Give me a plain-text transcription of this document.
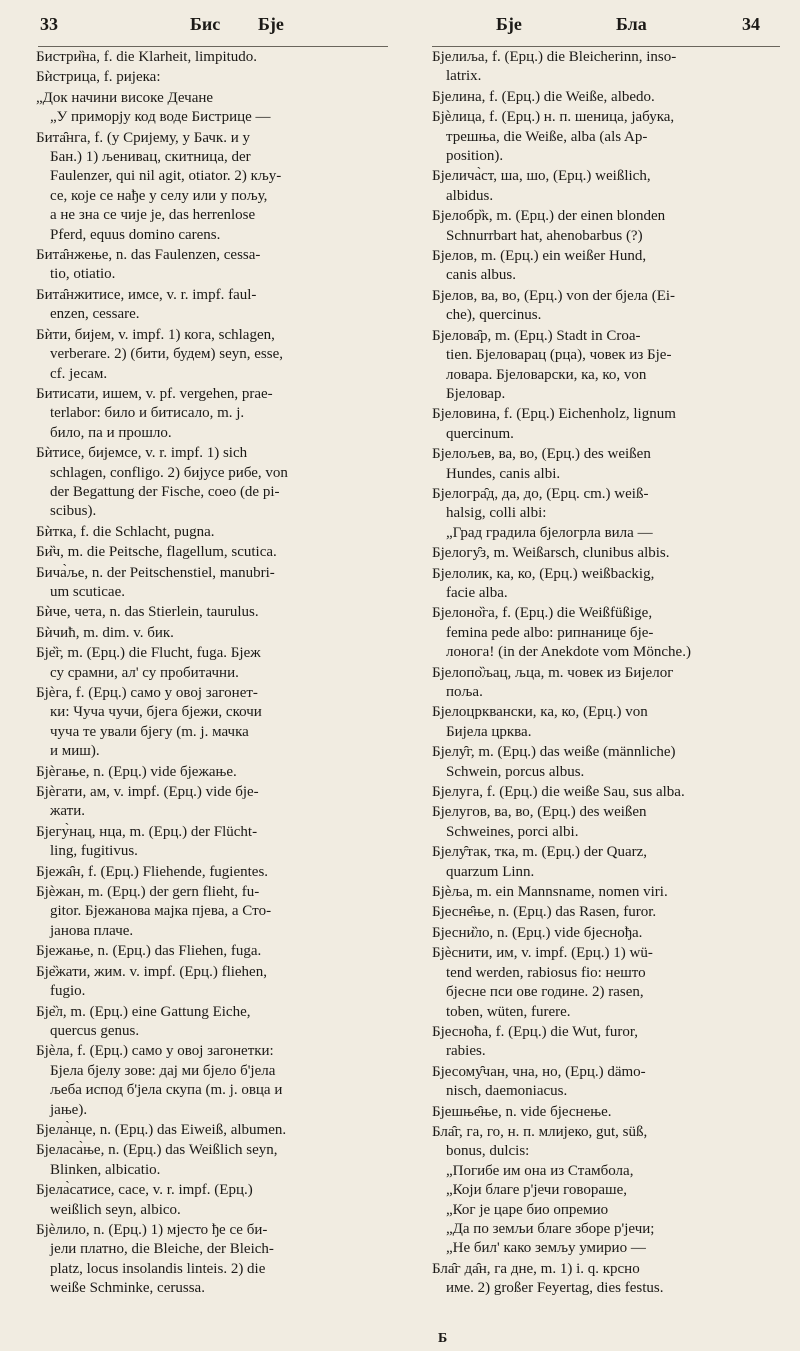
33	Бис Бје	Бје	Бла	34
Бистри̏на, f. die Klarheit, limpitudo.
Бѝстрица, f. ријека:
„Док начини високе Дечане
„У приморју код воде Бистрице —
Бита̑нга, f. (у Сријему, у Бачк. и у
Бан.) 1) љенивац, скитница, der
Faulenzer, qui nil agit, otiator. 2) кљу-
се, које се нађе у селу или у пољу,
а не зна се чије је, das herrenlose
Pferd, equus domino carens.
Бита̑нжење, n. das Faulenzen, cessa-
tio, otiatio.
Бита̑нжитисе, имсе, v. r. impf. faul-
enzen, cessare.
Бѝти, бијем, v. impf. 1) кога, schlagen,
verberare. 2) (бити, будем) seyn, esse,
cf. јесам.
Битисати, ишем, v. pf. vergehen, prae-
terlabor: било и битисало, m. j.
било, па и прошло.
Бѝтисе, бијемсе, v. r. impf. 1) sich
schlagen, confligo. 2) бијусе рибе, von
der Begattung der Fische, coeo (de pi-
scibus).
Бѝтка, f. die Schlacht, pugna.
Би̏ч, m. die Peitsche, flagellum, scutica.
Бича̀ље, n. der Peitschenstiel, manubri-
um scuticae.
Бѝче, чета, n. das Stierlein, taurulus.
Бѝчић, m. dim. v. бик.
Бје̏г, m. (Ерц.) die Flucht, fuga. Бјеж
су срамни, ал' су пробитачни.
Бјѐга, f. (Ерц.) само у овој загонет-
ки: Чуча чучи, бјега бјежи, скочи
чуча те ували бјегу (m. j. мачка
и миш).
Бјѐгање, n. (Ерц.) vide бјежање.
Бјѐгати, ам, v. impf. (Ерц.) vide бје-
жати.
Бјегу̀нац, нца, m. (Ерц.) der Flücht-
ling, fugitivus.
Бјежа̑н, f. (Ерц.) Fliehende, fugientes.
Бјѐжан, m. (Ерц.) der gern flieht, fu-
gitor. Бјежанова мајка пјева, а Стo-
јанова плаче.
Бјежање, n. (Ерц.) das Fliehen, fuga.
Бје̏жати, жим. v. impf. (Ерц.) fliehen,
fugio.
Бје̏л, m. (Ерц.) eine Gattung Eiche,
quercus genus.
Бјѐла, f. (Ерц.) само у овој загонетки:
Бјела бјелу зове: дај ми бјело б'јела
љеба испод б'јела скупа (m. j. овца и
јање).
Бјела̀нце, n. (Ерц.) das Eiweiß, albumen.
Бјеласа̀ње, n. (Ерц.) das Weißlich seyn,
Blinken, albicatio.
Бјела̀сатисе, сасе, v. r. impf. (Ерц.)
weißlich seyn, albico.
Бјѐлило, n. (Ерц.) 1) мјесто ђе се би-
јели платно, die Bleiche, der Bleich-
platz, locus insolandis linteis. 2) die
weiße Schminke, cerussa.
Бјелиља, f. (Ерц.) die Bleicherinn, inso-
latrix.
Бјелина, f. (Ерц.) die Weiße, albedo.
Бјѐлица, f. (Ерц.) н. п. шеница, јабука,
трешња, die Weiße, alba (als Ap-
position).
Бјелича̀ст, ша, шо, (Ерц.) weißlich,
albidus.
Бјелобр̏к, m. (Ерц.) der einen blonden
Schnurrbart hat, ahenobarbus (?)
Бјелов, m. (Ерц.) ein weißer Hund,
canis albus.
Бјелов, ва, во, (Ерц.) von der бјела (Ei-
che), quercinus.
Бјелова̑р, m. (Ерц.) Stadt in Croa-
tien. Бјеловарац (рца), човек из Бје-
ловара. Бјеловарски, ка, ко, von
Бјеловар.
Бјеловина, f. (Ерц.) Eichenholz, lignum
quercinum.
Бјелољев, ва, во, (Ерц.) des weißen
Hundes, canis albi.
Бјелогра̑д, да, до, (Ерц. сm.) weiß-
halsig, colli albi:
„Град градила бјелогрла вила —
Бјелогу̑з, m. Weißarsch, clunibus albis.
Бјелолик, ка, ко, (Ерц.) weißbackig,
facie alba.
Бјелоно̏га, f. (Ерц.) die Weißfüßige,
femina pede albo: рипнанице бје-
лонога! (in der Anekdote vom Mönche.)
Бјелопо̏љац, љца, m. човек из Бијелог
поља.
Бјелоцрквански, ка, ко, (Ерц.) von
Бијела црква.
Бјелу̑г, m. (Ерц.) das weiße (männliche)
Schwein, porcus albus.
Бјелуга, f. (Ерц.) die weiße Sau, sus alba.
Бјелугов, ва, во, (Ерц.) des weißen
Schweines, porci albi.
Бјелу̑так, тка, m. (Ерц.) der Quarz,
quarzum Linn.
Бјѐља, m. ein Mannsname, nomen viri.
Бјесне̑ње, n. (Ерц.) das Rasen, furor.
Бјесни̏ло, n. (Ерц.) vide бјеснођа.
Бјѐснити, им, v. impf. (Ерц.) 1) wü-
tend werden, rabiosus fio: нешто
бјесне пси ове године. 2) rasen,
toben, wüten, furere.
Бјесноћа, f. (Ерц.) die Wut, furor,
rabies.
Бјесому̑чан, чна, но, (Ерц.) dämo-
nisch, daemoniacus.
Бјешње̑ње, n. vide бјеснење.
Бла̑г, га, го, н. п. млијеко, gut, süß,
bonus, dulcis:
„Погибе им она из Стамбола,
„Који благе р'јечи говораше,
„Ког је царе био опремио
„Да по земљи благе зборе р'јечи;
„Не бил' како земљу умирио —
Бла̑г да̑н, га дне, m. 1) i. q. крсно
име. 2) großer Feyertag, dies festus.
Б
